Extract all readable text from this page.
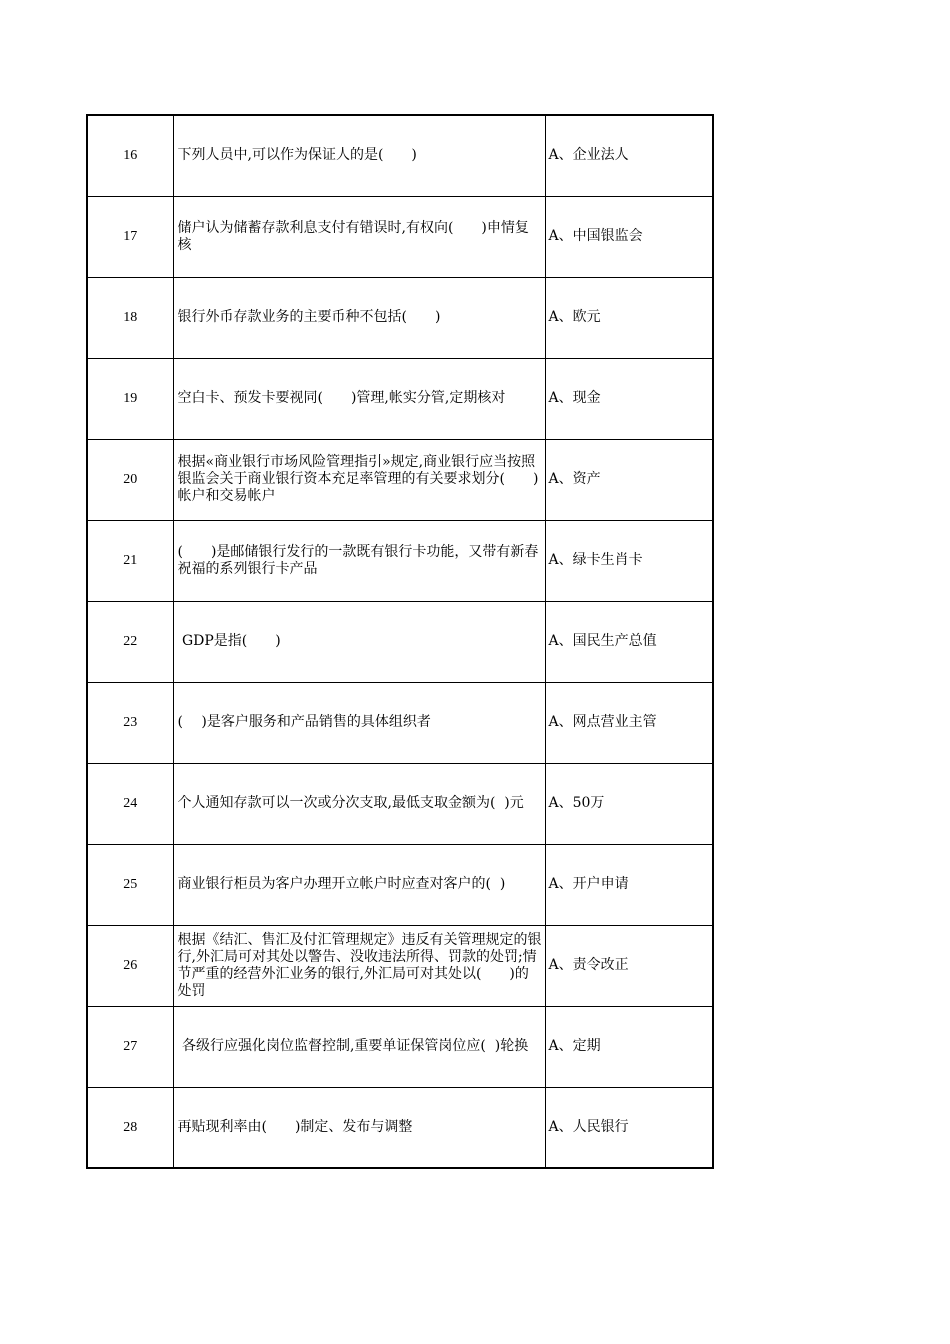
16	下列人员中,可以作为保证人的是(　　)	A、企业法人
17	储户认为储蓄存款利息支付有错误时,有权向(　　)申情复核	A、中国银监会
18	银行外币存款业务的主要币种不包括(　　)	A、欧元
19	空白卡、预发卡要视同(　　)管理,帐实分管,定期核对	A、现金
20	根据«商业银行市场风险管理指引»规定,商业银行应当按照银监会关于商业银行资本充足率管理的有关要求划分(　　)帐户和交易帐户	A、资产
21	(　　)是邮储银行发行的一款既有银行卡功能，又带有新春祝福的系列银行卡产品	A、绿卡生肖卡
22	GDP是指(　　)	A、国民生产总值
23	(　 )是客户服务和产品销售的具体组织者	A、网点营业主管
24	个人通知存款可以一次或分次支取,最低支取金额为(  )元	A、50万
25	商业银行柜员为客户办理开立帐户时应查对客户的(  )	A、开户申请
26	根据《结汇、售汇及付汇管理规定》违反有关管理规定的银行,外汇局可对其处以警告、没收违法所得、罚款的处罚;情节严重的经营外汇业务的银行,外汇局可对其处以(　　)的处罚	A、责令改正
27	各级行应强化岗位监督控制,重要单证保管岗位应(  )轮换	A、定期
28	再贴现利率由(　　)制定、发布与调整	A、人民银行
